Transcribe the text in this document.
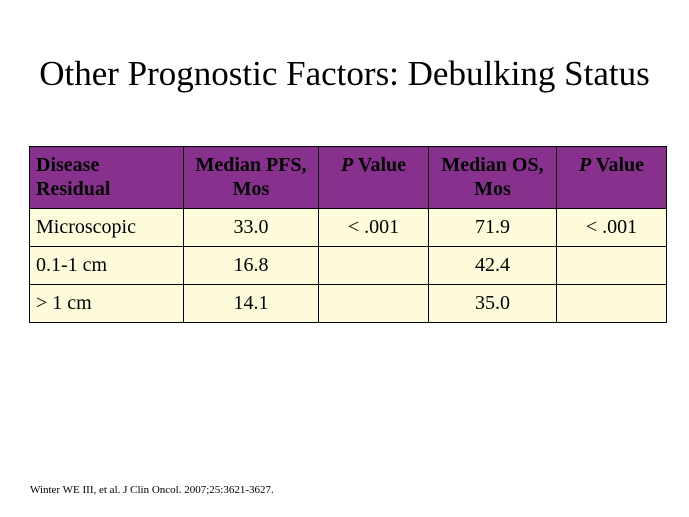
Other Prognostic Factors: Debulking Status
Disease Residual	Median PFS, Mos	P Value	Median OS, Mos	P Value
Microscopic	33.0	< .001	71.9	< .001
0.1-1 cm	16.8		42.4	
> 1 cm	14.1		35.0	
Winter WE III, et al. J Clin Oncol. 2007;25:3621-3627.
